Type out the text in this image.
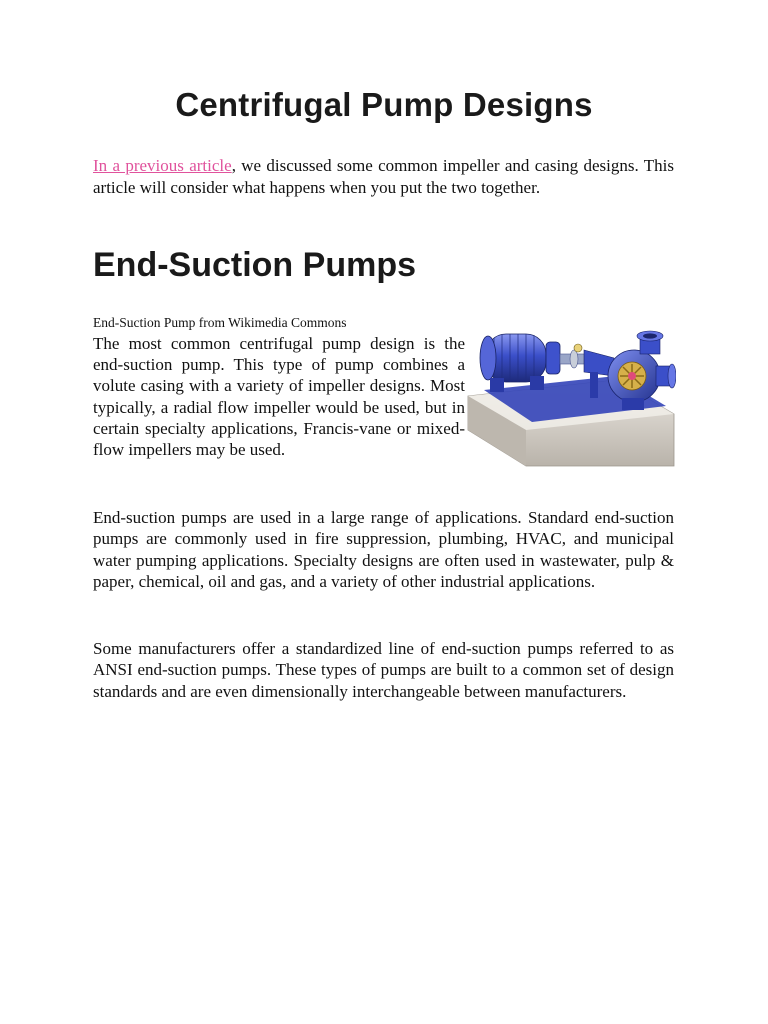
Centrifugal Pump Designs

In a previous article, we discussed some common impeller and casing designs. This article will consider what happens when you put the two together.

End-Suction Pumps

End-Suction Pump from Wikimedia Commons

The most common centrifugal pump design is the end-suction pump. This type of pump combines a volute casing with a variety of impeller designs. Most typically, a radial flow impeller would be used, but in certain specialty applications, Francis-vane or mixed-flow impellers may be used.

End-suction pumps are used in a large range of applications. Standard end-suction pumps are commonly used in fire suppression, plumbing, HVAC, and municipal water pumping applications. Specialty designs are often used in wastewater, pulp & paper, chemical, oil and gas, and a variety of other industrial applications.

Some manufacturers offer a standardized line of end-suction pumps referred to as ANSI end-suction pumps. These types of pumps are built to a common set of design standards and are even dimensionally interchangeable between manufacturers.
